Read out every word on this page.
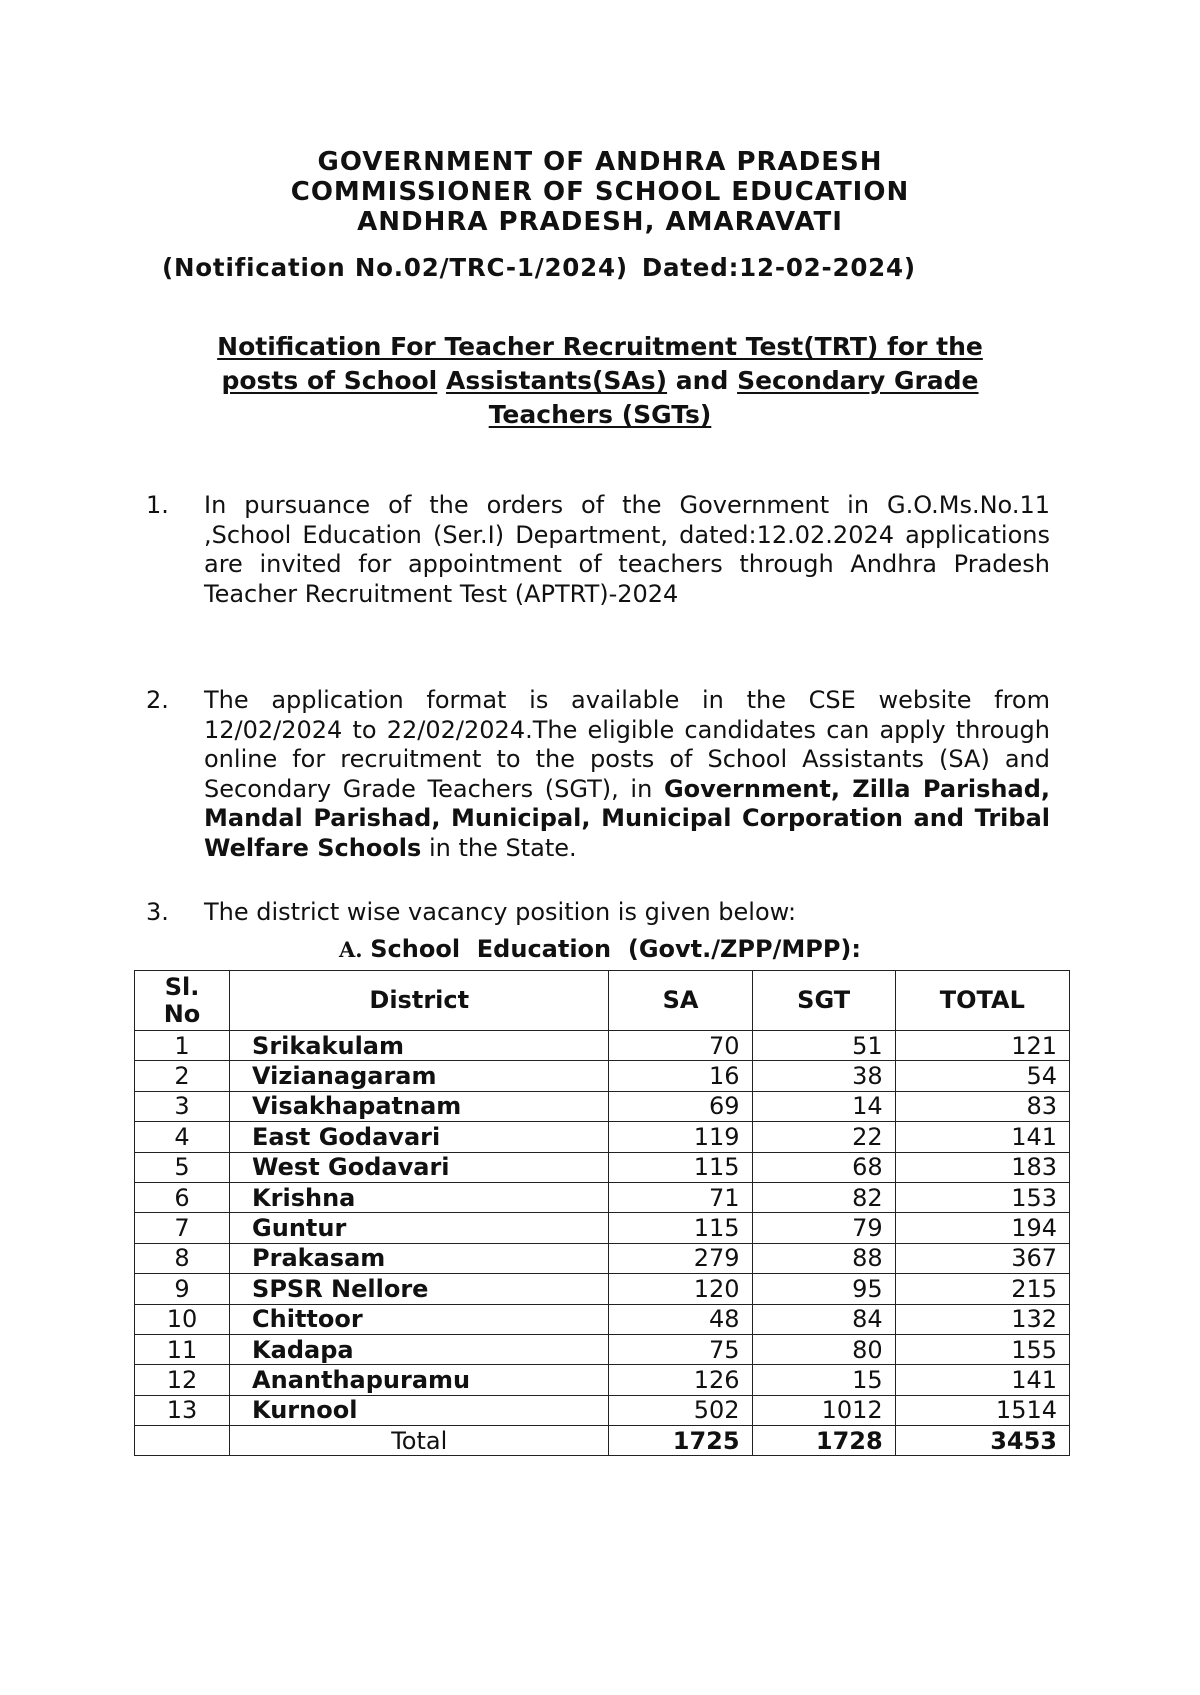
GOVERNMENT OF ANDHRA PRADESH
COMMISSIONER OF SCHOOL EDUCATION
ANDHRA PRADESH, AMARAVATI
(Notification No.02/TRC-1/2024) Dated:12-02-2024)
Notification For Teacher Recruitment Test(TRT) for the
posts of School Assistants(SAs) and Secondary Grade
Teachers (SGTs)
1. In pursuance of the orders of the Government in G.O.Ms.No.11 ,School Education (Ser.I) Department, dated:12.02.2024 applications are invited for appointment of teachers through Andhra Pradesh Teacher Recruitment Test (APTRT)-2024
2. The application format is available in the CSE website from 12/02/2024 to 22/02/2024.The eligible candidates can apply through online for recruitment to the posts of School Assistants (SA) and Secondary Grade Teachers (SGT), in Government, Zilla Parishad, Mandal Parishad, Municipal, Municipal Corporation and Tribal Welfare Schools in the State.
3. The district wise vacancy position is given below:
A. School  Education  (Govt./ZPP/MPP):
Sl.
No	District	SA	SGT	TOTAL
1	Srikakulam	70	51	121
2	Vizianagaram	16	38	54
3	Visakhapatnam	69	14	83
4	East Godavari	119	22	141
5	West Godavari	115	68	183
6	Krishna	71	82	153
7	Guntur	115	79	194
8	Prakasam	279	88	367
9	SPSR Nellore	120	95	215
10	Chittoor	48	84	132
11	Kadapa	75	80	155
12	Ananthapuramu	126	15	141
13	Kurnool	502	1012	1514
	Total	1725	1728	3453
